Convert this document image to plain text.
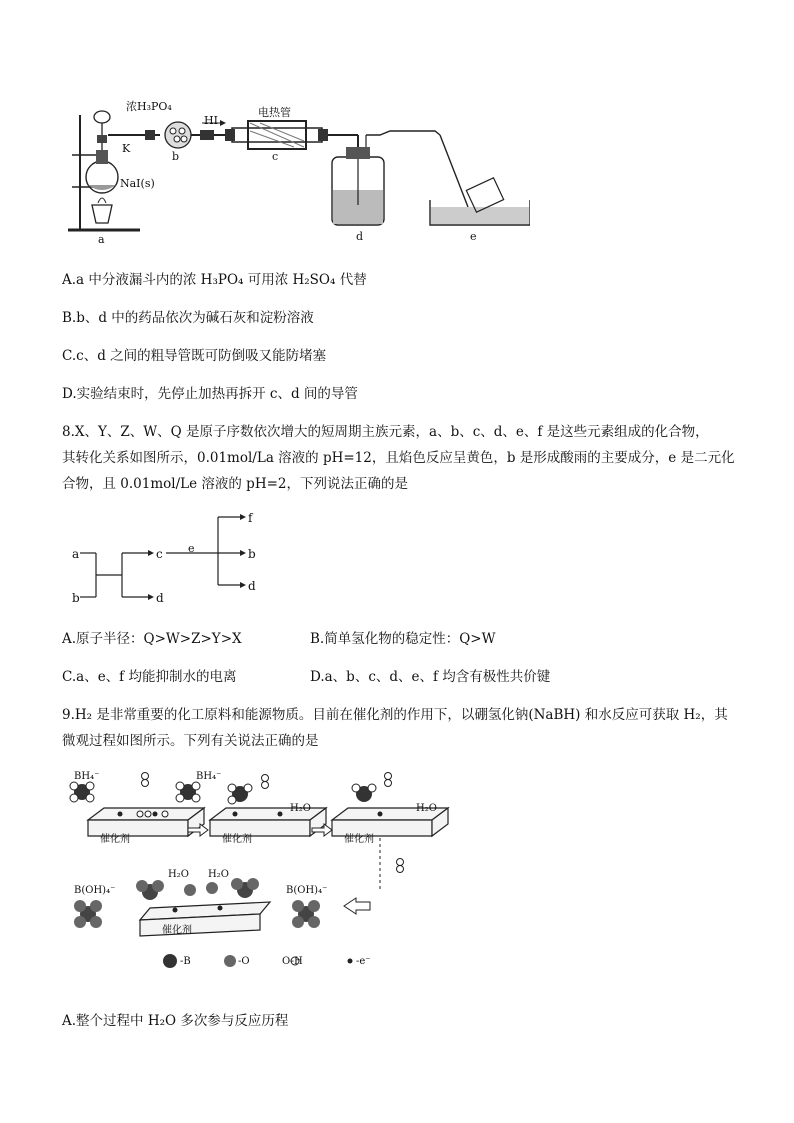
浓H₃PO₄
HI
电热管
K
NaI(s)
a
b	c
d	e
A.a 中分液漏斗内的浓 H₃PO₄ 可用浓 H₂SO₄ 代替
B.b、d 中的药品依次为碱石灰和淀粉溶液
C.c、d 之间的粗导管既可防倒吸又能防堵塞
D.实验结束时，先停止加热再拆开 c、d 间的导管
8.X、Y、Z、W、Q 是原子序数依次增大的短周期主族元素，a、b、c、d、e、f 是这些元素组成的化合物，
其转化关系如图所示，0.01mol/La 溶液的 pH=12，且焰色反应呈黄色，b 是形成酸雨的主要成分，e 是二元化
合物，且 0.01mol/Le 溶液的 pH=2，下列说法正确的是
a
b
c
d
e
f
b
d
A.原子半径：Q>W>Z>Y>X	B.简单氢化物的稳定性：Q>W
C.a、e、f 均能抑制水的电离	D.a、b、c、d、e、f 均含有极性共价键
9.H₂ 是非常重要的化工原料和能源物质。目前在催化剂的作用下，以硼氢化钠(NaBH) 和水反应可获取 H₂，其
微观过程如图所示。下列有关说法正确的是
BH₄⁻	BH₄⁻
H₂O	H₂O
H₂O H₂O
B(OH)₄⁻	B(OH)₄⁻
催化剂	催化剂	催化剂
催化剂
-B	-O	O-H	-e⁻
A.整个过程中 H₂O 多次参与反应历程
